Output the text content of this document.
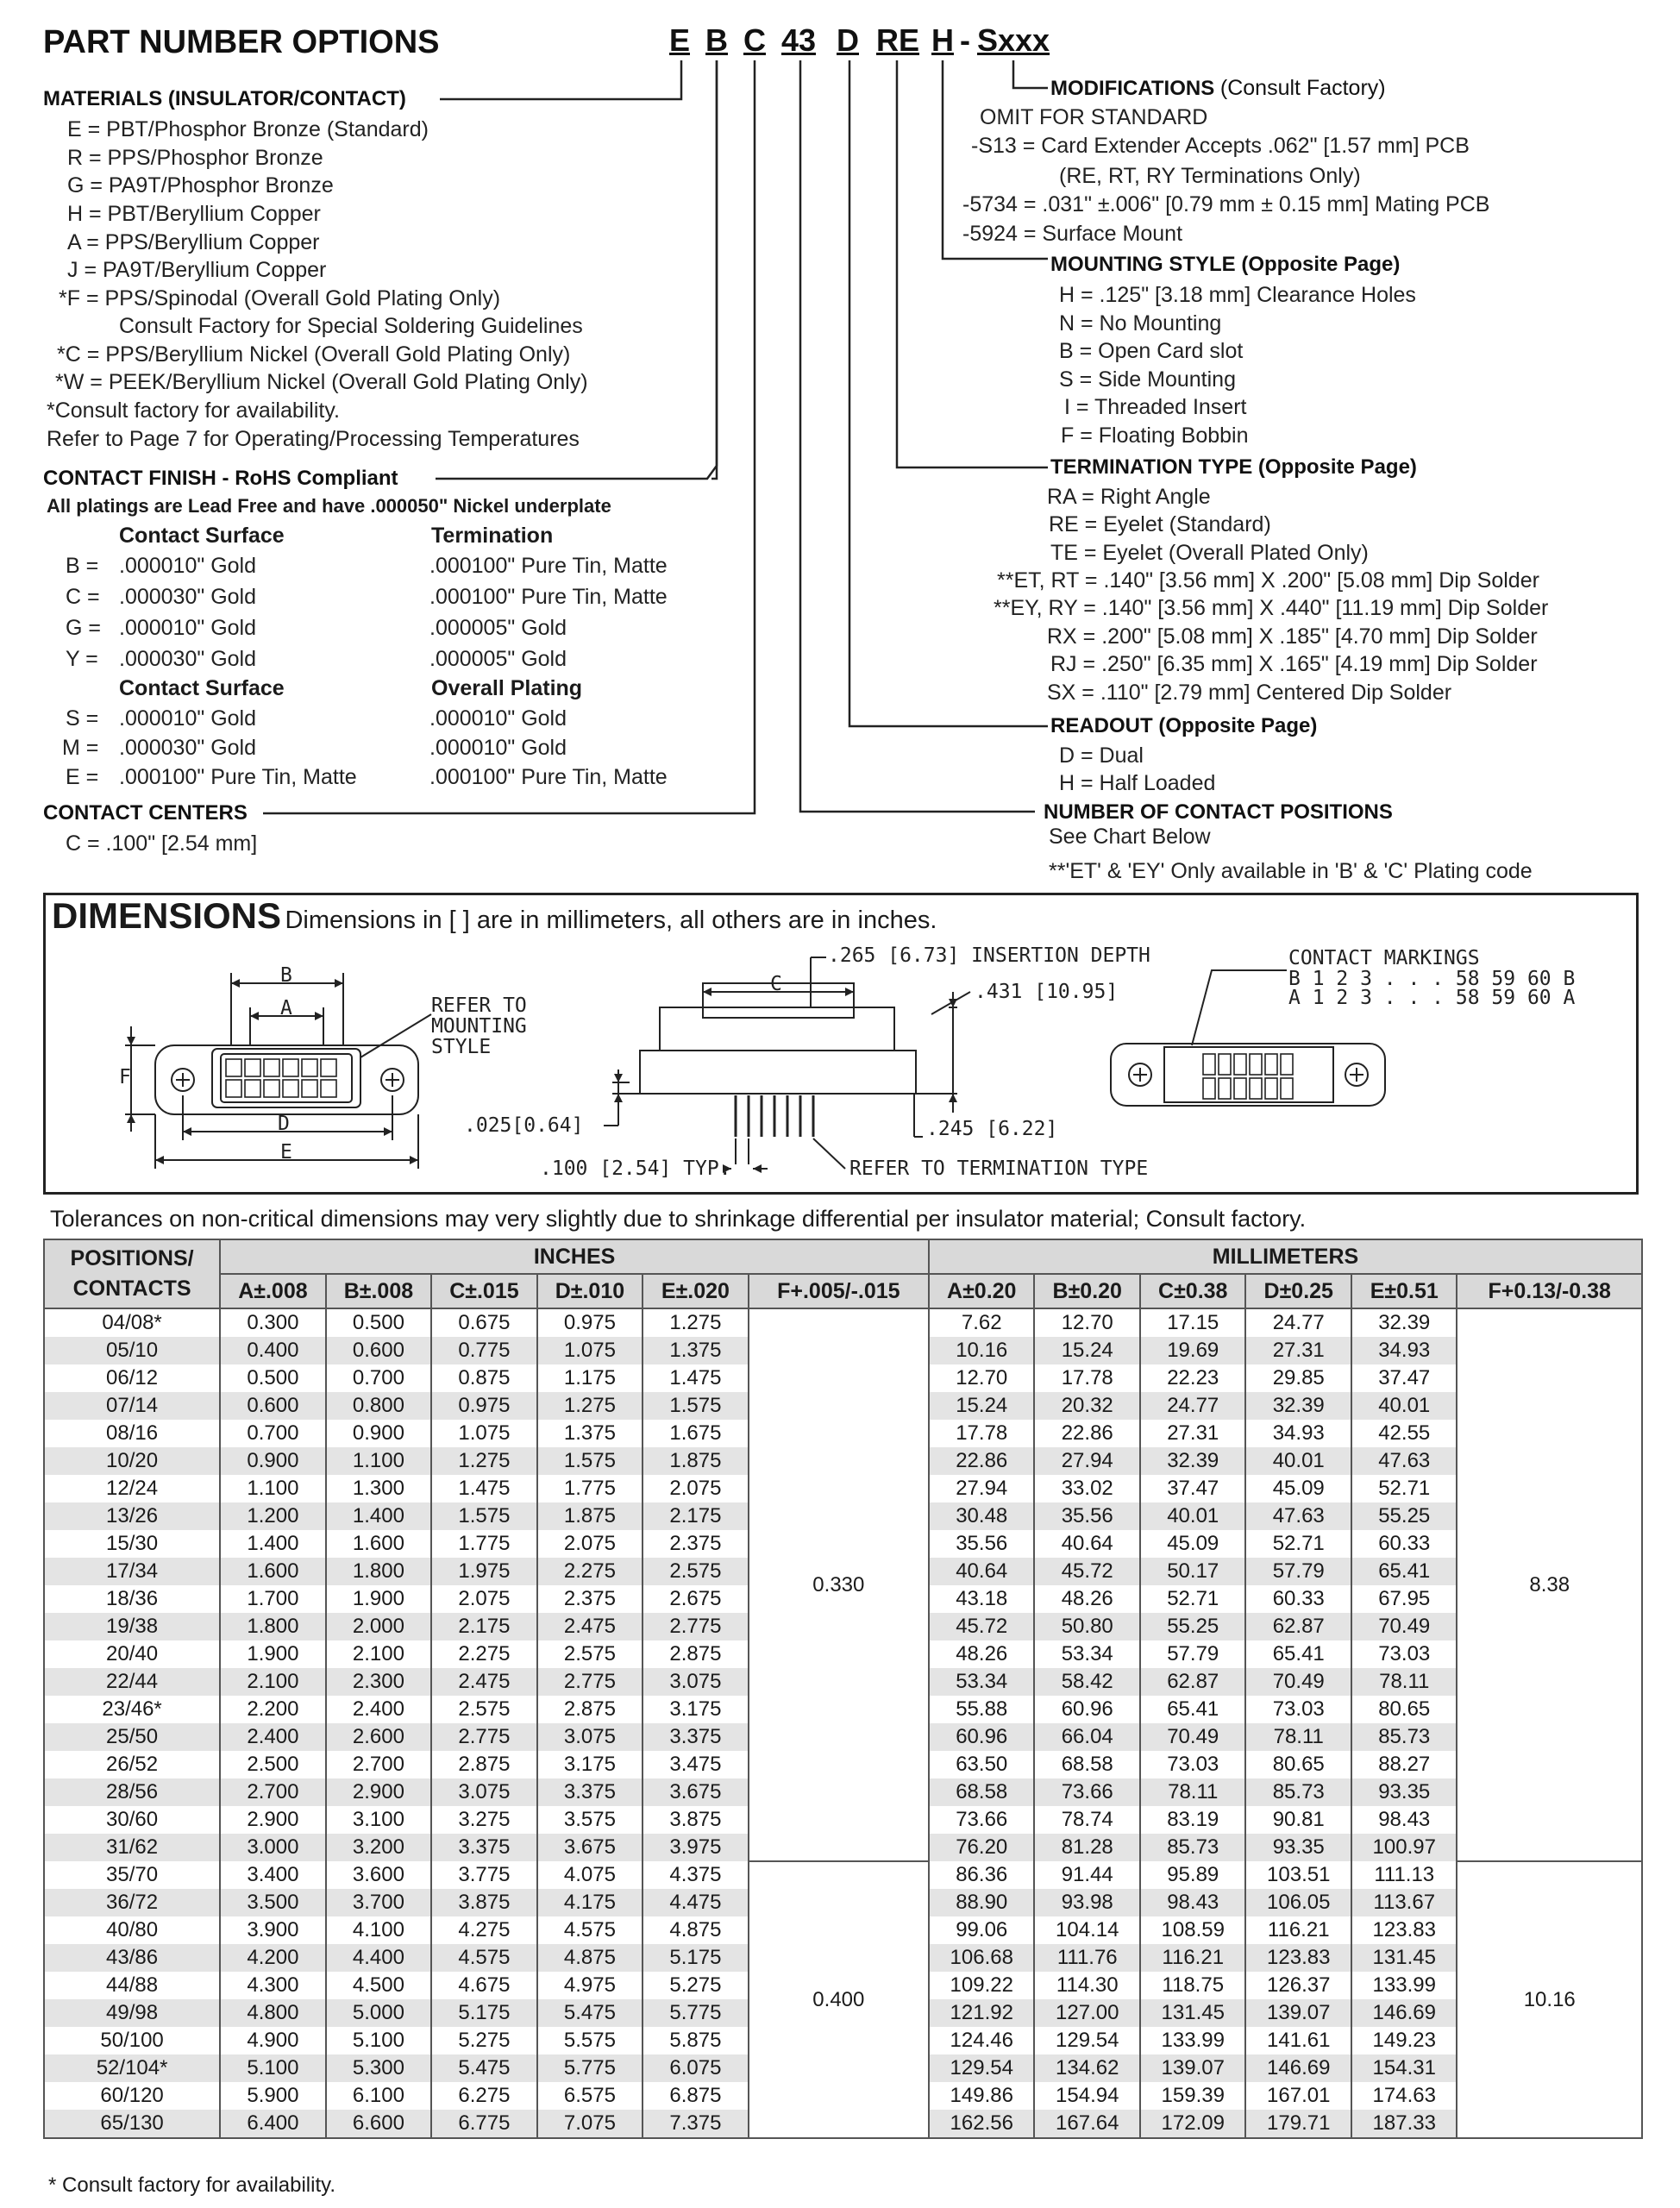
PART NUMBER OPTIONS	E B C 43 D RE H - Sxxx
MATERIALS (INSULATOR/CONTACT)
E = PBT/Phosphor Bronze (Standard)
R = PPS/Phosphor Bronze
G = PA9T/Phosphor Bronze
H = PBT/Beryllium Copper
A = PPS/Beryllium Copper
J = PA9T/Beryllium Copper
*F = PPS/Spinodal (Overall Gold Plating Only)
Consult Factory for Special Soldering Guidelines
*C = PPS/Beryllium Nickel (Overall Gold Plating Only)
*W = PEEK/Beryllium Nickel (Overall Gold Plating Only)
*Consult factory for availability.
Refer to Page 7 for Operating/Processing Temperatures
CONTACT FINISH - RoHS Compliant
All platings are Lead Free and have .000050" Nickel underplate
Contact Surface	Termination
B = .000010" Gold	.000100" Pure Tin, Matte
C = .000030" Gold	.000100" Pure Tin, Matte
G = .000010" Gold	.000005" Gold
Y = .000030" Gold	.000005" Gold
Contact Surface	Overall Plating
S = .000010" Gold	.000010" Gold
M = .000030" Gold	.000010" Gold
E = .000100" Pure Tin, Matte	.000100" Pure Tin, Matte
CONTACT CENTERS
C = .100" [2.54 mm]
MODIFICATIONS (Consult Factory)
OMIT FOR STANDARD
-S13 = Card Extender Accepts .062" [1.57 mm] PCB
(RE, RT, RY Terminations Only)
-5734 = .031" ±.006" [0.79 mm ± 0.15 mm] Mating PCB
-5924 = Surface Mount
MOUNTING STYLE (Opposite Page)
H = .125" [3.18 mm] Clearance Holes
N = No Mounting
B = Open Card slot
S = Side Mounting
I = Threaded Insert
F = Floating Bobbin
TERMINATION TYPE (Opposite Page)
RA = Right Angle
RE = Eyelet (Standard)
TE = Eyelet (Overall Plated Only)
**ET, RT = .140" [3.56 mm] X .200" [5.08 mm] Dip Solder
**EY, RY = .140" [3.56 mm] X .440" [11.19 mm] Dip Solder
RX = .200" [5.08 mm] X .185" [4.70 mm] Dip Solder
RJ = .250" [6.35 mm] X .165" [4.19 mm] Dip Solder
SX = .110" [2.79 mm] Centered Dip Solder
READOUT (Opposite Page)
D = Dual
H = Half Loaded
NUMBER OF CONTACT POSITIONS
See Chart Below
**'ET' & 'EY' Only available in 'B' & 'C' Plating code
DIMENSIONS Dimensions in [ ] are in millimeters, all others are in inches.
B
A
F
D
E
REFER TO
MOUNTING
STYLE
C
.265 [6.73] INSERTION DEPTH
.431 [10.95]
.025[0.64]	.245 [6.22]
.100 [2.54] TYP.	REFER TO TERMINATION TYPE
CONTACT MARKINGS
B 1 2 3 . . . 58 59 60 B
A 1 2 3 . . . 58 59 60 A
Tolerances on non-critical dimensions may very slightly due to shrinkage differential per insulator material; Consult factory.
POSITIONS/
CONTACTS	INCHES						MILLIMETERS					
	A±.008	B±.008	C±.015	D±.010	E±.020	F+.005/-.015	A±0.20	B±0.20	C±0.38	D±0.25	E±0.51	F+0.13/-0.38
04/08*	0.300	0.500	0.675	0.975	1.275	0.330	7.62	12.70	17.15	24.77	32.39	8.38
05/10	0.400	0.600	0.775	1.075	1.375		10.16	15.24	19.69	27.31	34.93	
06/12	0.500	0.700	0.875	1.175	1.475		12.70	17.78	22.23	29.85	37.47	
07/14	0.600	0.800	0.975	1.275	1.575		15.24	20.32	24.77	32.39	40.01	
08/16	0.700	0.900	1.075	1.375	1.675		17.78	22.86	27.31	34.93	42.55	
10/20	0.900	1.100	1.275	1.575	1.875		22.86	27.94	32.39	40.01	47.63	
12/24	1.100	1.300	1.475	1.775	2.075		27.94	33.02	37.47	45.09	52.71	
13/26	1.200	1.400	1.575	1.875	2.175		30.48	35.56	40.01	47.63	55.25	
15/30	1.400	1.600	1.775	2.075	2.375		35.56	40.64	45.09	52.71	60.33	
17/34	1.600	1.800	1.975	2.275	2.575		40.64	45.72	50.17	57.79	65.41	
18/36	1.700	1.900	2.075	2.375	2.675		43.18	48.26	52.71	60.33	67.95	
19/38	1.800	2.000	2.175	2.475	2.775		45.72	50.80	55.25	62.87	70.49	
20/40	1.900	2.100	2.275	2.575	2.875		48.26	53.34	57.79	65.41	73.03	
22/44	2.100	2.300	2.475	2.775	3.075		53.34	58.42	62.87	70.49	78.11	
23/46*	2.200	2.400	2.575	2.875	3.175		55.88	60.96	65.41	73.03	80.65	
25/50	2.400	2.600	2.775	3.075	3.375		60.96	66.04	70.49	78.11	85.73	
26/52	2.500	2.700	2.875	3.175	3.475		63.50	68.58	73.03	80.65	88.27	
28/56	2.700	2.900	3.075	3.375	3.675		68.58	73.66	78.11	85.73	93.35	
30/60	2.900	3.100	3.275	3.575	3.875		73.66	78.74	83.19	90.81	98.43	
31/62	3.000	3.200	3.375	3.675	3.975		76.20	81.28	85.73	93.35	100.97	
35/70	3.400	3.600	3.775	4.075	4.375	0.400	86.36	91.44	95.89	103.51	111.13	10.16
36/72	3.500	3.700	3.875	4.175	4.475		88.90	93.98	98.43	106.05	113.67	
40/80	3.900	4.100	4.275	4.575	4.875		99.06	104.14	108.59	116.21	123.83	
43/86	4.200	4.400	4.575	4.875	5.175		106.68	111.76	116.21	123.83	131.45	
44/88	4.300	4.500	4.675	4.975	5.275		109.22	114.30	118.75	126.37	133.99	
49/98	4.800	5.000	5.175	5.475	5.775		121.92	127.00	131.45	139.07	146.69	
50/100	4.900	5.100	5.275	5.575	5.875		124.46	129.54	133.99	141.61	149.23	
52/104*	5.100	5.300	5.475	5.775	6.075		129.54	134.62	139.07	146.69	154.31	
60/120	5.900	6.100	6.275	6.575	6.875		149.86	154.94	159.39	167.01	174.63	
65/130	6.400	6.600	6.775	7.075	7.375		162.56	167.64	172.09	179.71	187.33	
* Consult factory for availability.
